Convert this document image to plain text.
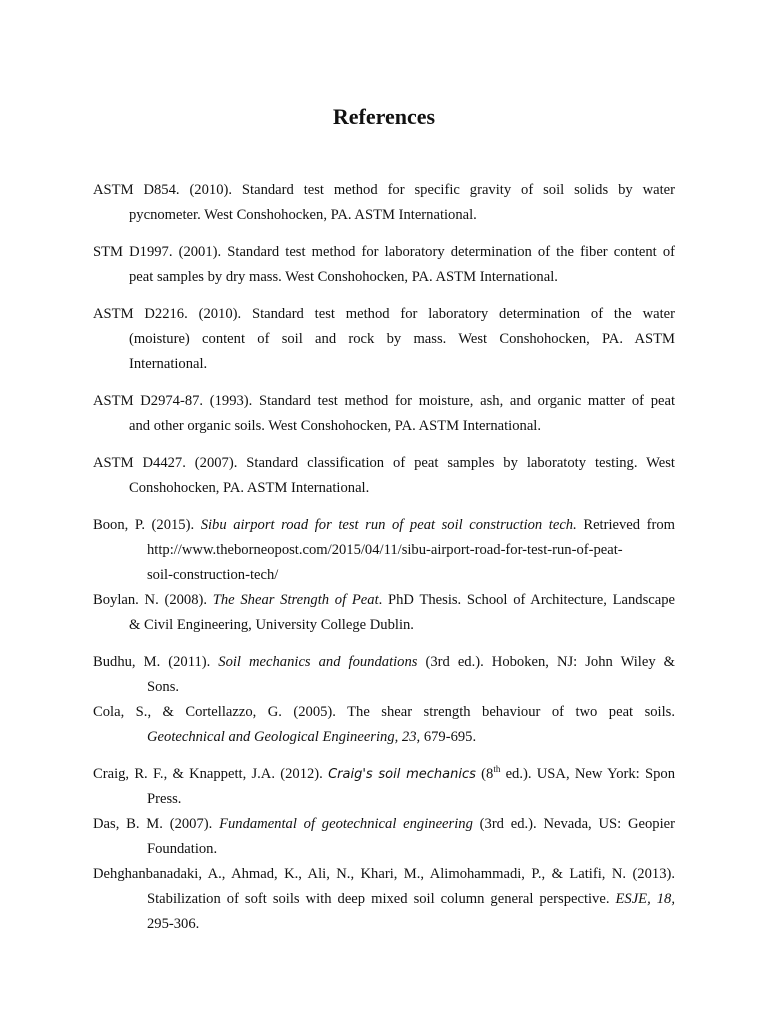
References
ASTM D854. (2010). Standard test method for specific gravity of soil solids by water
pycnometer. West Conshohocken, PA. ASTM International.
STM D1997. (2001). Standard test method for laboratory determination of the fiber content of
peat samples by dry mass. West Conshohocken, PA. ASTM International.
ASTM D2216. (2010). Standard test method for laboratory determination of the water
(moisture) content of soil and rock by mass. West Conshohocken, PA. ASTM
International.
ASTM D2974-87. (1993). Standard test method for moisture, ash, and organic matter of peat
and other organic soils. West Conshohocken, PA. ASTM International.
ASTM D4427. (2007). Standard classification of peat samples by laboratoty testing. West
Conshohocken, PA. ASTM International.
Boon, P. (2015). Sibu airport road for test run of peat soil construction tech. Retrieved from
http://www.theborneopost.com/2015/04/11/sibu-airport-road-for-test-run-of-peat-
soil-construction-tech/
Boylan. N. (2008). The Shear Strength of Peat. PhD Thesis. School of Architecture, Landscape
& Civil Engineering, University College Dublin.
Budhu, M. (2011). Soil mechanics and foundations (3rd ed.). Hoboken, NJ: John Wiley &
Sons.
Cola, S., & Cortellazzo, G. (2005). The shear strength behaviour of two peat soils.
Geotechnical and Geological Engineering, 23, 679-695.
Craig, R. F., & Knappett, J.A. (2012). Craig's soil mechanics (8th ed.). USA, New York: Spon
Press.
Das, B. M. (2007). Fundamental of geotechnical engineering (3rd ed.). Nevada, US: Geopier
Foundation.
Dehghanbanadaki, A., Ahmad, K., Ali, N., Khari, M., Alimohammadi, P., & Latifi, N. (2013).
Stabilization of soft soils with deep mixed soil column general perspective. ESJE, 18,
295-306.
